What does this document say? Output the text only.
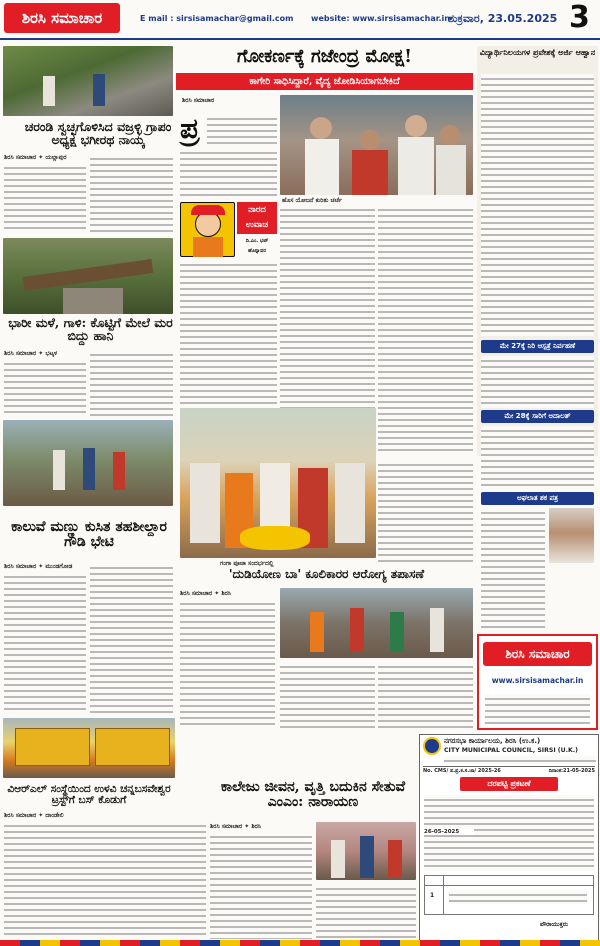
ಶಿರಸಿ ಸಮಾಚಾರ	E mail : sirsisamachar@gmail.com website: www.sirsisamachar.in
ಶುಕ್ರವಾರ, 23.05.2025 3
ಗೋಕರ್ಣಕ್ಕೆ ಗಜೇಂದ್ರ ಮೋಕ್ಷ!
ಕಾಗೇರಿ ಸಾಧಿಸಿದ್ದಾರೆ, ವೈದ್ಯ ಜೋಡಿಸಿಯಾಗಬೇಕಿದೆ
ಶಿರಸಿ ಸಮಾಚಾರ
ಪ್ರ
ಹೊಸ ಯೋಜನೆ ಕುರಿತು ಚರ್ಚೆ
ನಾರದ ಉವಾಚ
ದಿ.ಎಂ. ಭಟ್ ಹೊನ್ನಾವರ
ಗಂಗಾ ಪೂಜಾ ಸಂದರ್ಭದಲ್ಲಿ
ಚರಂಡಿ ಸ್ವಚ್ಛಗೊಳಿಸಿದ ವಜ್ರಳ್ಳಿ ಗ್ರಾಪಂ ಅಧ್ಯಕ್ಷ ಭಗೀರಥ ನಾಯ್ಕ
ಶಿರಸಿ ಸಮಾಚಾರ ✦ ಯಲ್ಲಾಪುರ
ಭಾರೀ ಮಳೆ, ಗಾಳಿ: ಕೊಟ್ಟಿಗೆ ಮೇಲೆ ಮರ ಬಿದ್ದು ಹಾನಿ
ಶಿರಸಿ ಸಮಾಚಾರ ✦ ಭಟ್ಕಳ
ಕಾಲುವೆ ಮಣ್ಣು ಕುಸಿತ ತಹಶೀಲ್ದಾರ ಗೌಡಿ ಭೇಟಿ
ಶಿರಸಿ ಸಮಾಚಾರ ✦ ಮುಂಡಗೋಡ
'ದುಡಿಯೋಣ ಬಾ' ಕೂಲಿಕಾರರ ಆರೋಗ್ಯ ತಪಾಸಣೆ
ಶಿರಸಿ ಸಮಾಚಾರ ✦ ಶಿರಸಿ
ವಿಆರ್‌ಎಲ್ ಸಂಸ್ಥೆಯಿಂದ ಉಳವಿ ಚನ್ನಬಸವೇಶ್ವರ ಟ್ರಸ್ಟ್‌ಗೆ ಬಸ್ ಕೊಡುಗೆ
ಶಿರಸಿ ಸಮಾಚಾರ ✦ ದಾಂಡೇಲಿ
ಕಾಲೇಜು ಜೀವನ, ವೃತ್ತಿ ಬದುಕಿನ ಸೇತುವೆ ಎಂಎಂ: ನಾರಾಯಣ
ಶಿರಸಿ ಸಮಾಚಾರ ✦ ಶಿರಸಿ
ವಿದ್ಯಾರ್ಥಿನಿಲಯಗಳ ಪ್ರವೇಶಕ್ಕೆ ಅರ್ಜಿ ಆಹ್ವಾನ
ಮೇ 27ಕ್ಕೆ ನಿರಿ ಆಸ್ಪತ್ರೆ ನಿರ್ವಹಣೆ
ಮೇ 28ಕ್ಕೆ ಸಾರಿಗೆ ಅದಾಲತ್
ಅಘಲಾತ ಶಕ ಪತ್ರ
ಶಿರಸಿ ಸಮಾಚಾರ
www.sirsisamachar.in
ನಗರಸಭಾ ಕಾರ್ಯಾಲಯ, ಶಿರಸಿ (ಉ.ಕ.)
CITY MUNICIPAL COUNCIL, SIRSI (U.K.)
No. CMS/ ಪ.ಪ್ರ.ಕ.ಸ.ಜಾ/ 2025-26	ದಿನಾಂಕ:21-05-2025
ದರಪಟ್ಟಿ ಪ್ರಕಟಣೆ
26-05-2025
1
ಪೌರಾಯುಕ್ತರು
